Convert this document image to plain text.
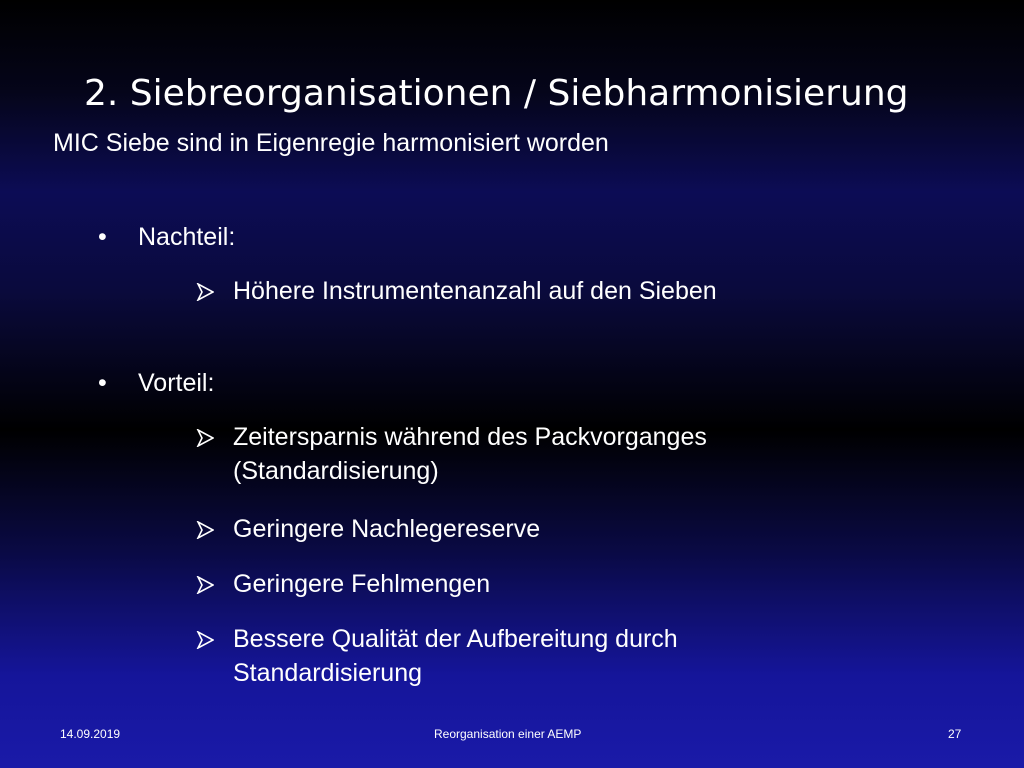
2. Siebreorganisationen / Siebharmonisierung
MIC Siebe sind in Eigenregie harmonisiert worden
• Nachteil:
Höhere Instrumentenanzahl auf den Sieben
• Vorteil:
Zeitersparnis während des Packvorganges (Standardisierung)
Geringere Nachlegereserve
Geringere Fehlmengen
Bessere Qualität der Aufbereitung durch Standardisierung
14.09.2019	Reorganisation einer AEMP	27
